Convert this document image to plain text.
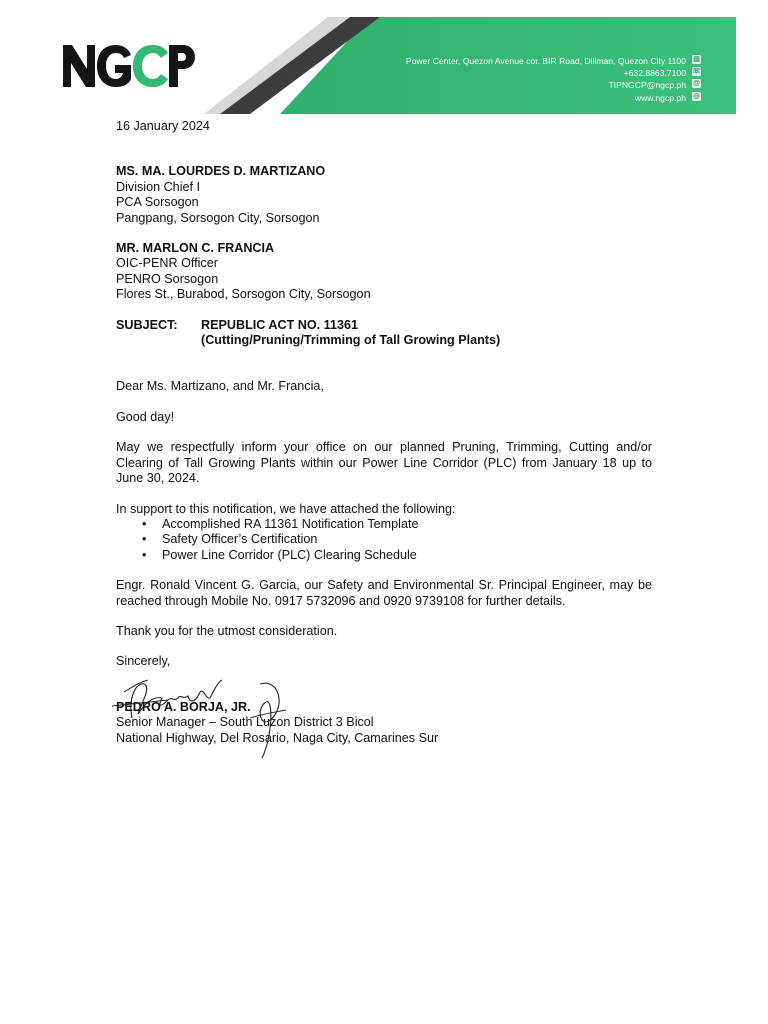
Power Center, Quezon Avenue cor. BIR Road, Diliman, Quezon City 1100
+632.8863.7100
TIPNGCP@ngcp.ph
www.ngcp.ph
▤
☏
@
◎
16 January 2024
MS. MA. LOURDES D. MARTIZANO
Division Chief I
PCA Sorsogon
Pangpang, Sorsogon City, Sorsogon
MR. MARLON C. FRANCIA
OIC-PENR Officer
PENRO Sorsogon
Flores St., Burabod, Sorsogon City, Sorsogon
SUBJECT:	REPUBLIC ACT NO. 11361
(Cutting/Pruning/Trimming of Tall Growing Plants)

Dear Ms. Martizano, and Mr. Francia,

Good day!

May we respectfully inform your office on our planned Pruning, Trimming, Cutting and/or Clearing of Tall Growing Plants within our Power Line Corridor (PLC) from January 18 up to June 30, 2024.

In support to this notification, we have attached the following:

• Accomplished RA 11361 Notification Template
• Safety Officer’s Certification
• Power Line Corridor (PLC) Clearing Schedule

Engr. Ronald Vincent G. Garcia, our Safety and Environmental Sr. Principal Engineer, may be reached through Mobile No. 0917 5732096 and 0920 9739108 for further details.

Thank you for the utmost consideration.

Sincerely,

PEDRO A. BORJA, JR.
Senior Manager – South Luzon District 3 Bicol
National Highway, Del Rosario, Naga City, Camarines Sur
